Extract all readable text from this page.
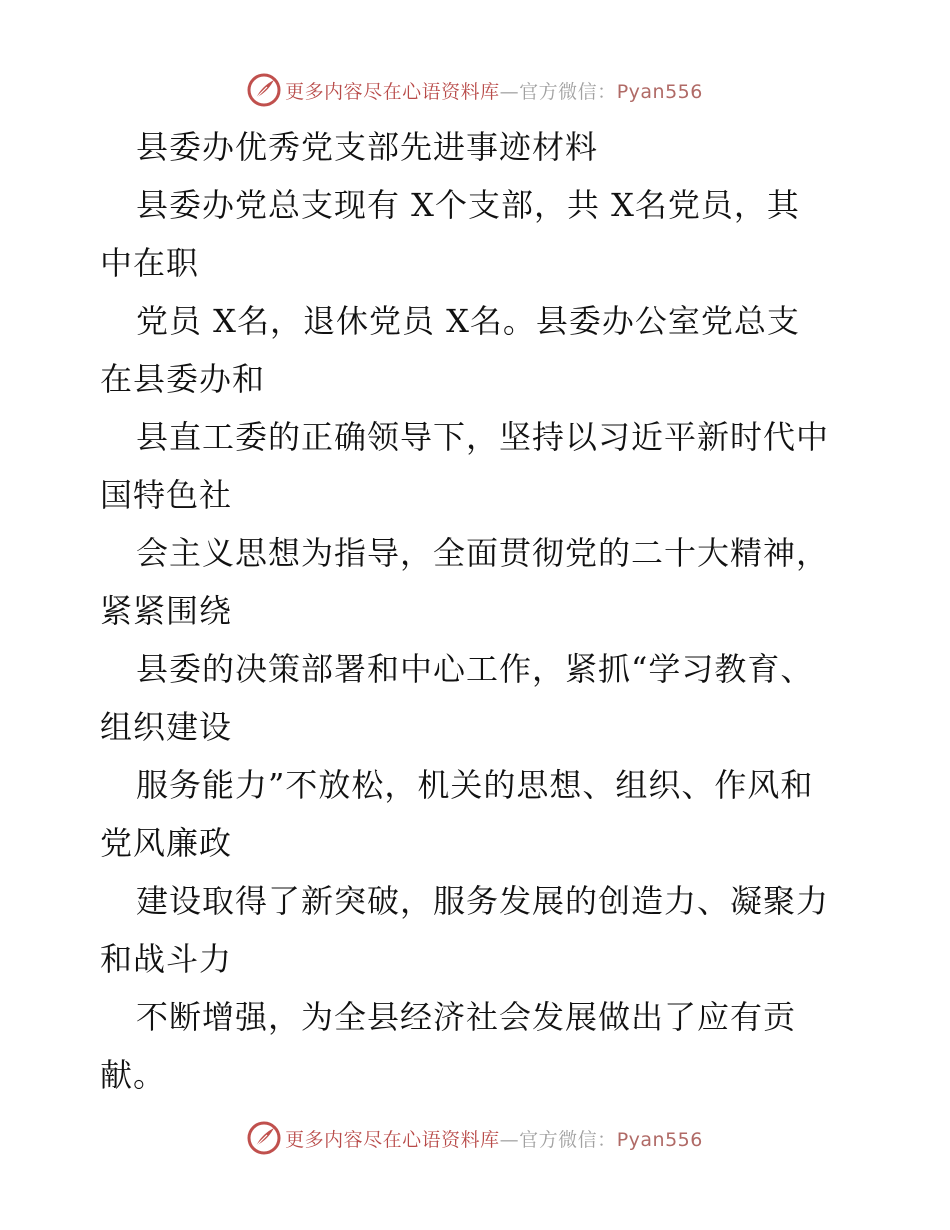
更多内容尽在心语资料库—官方微信：Pyan556
县委办优秀党支部先进事迹材料
县委办党总支现有 X个支部，共 X名党员，其
中在职
党员 X名，退休党员 X名。县委办公室党总支
在县委办和
县直工委的正确领导下，坚持以习近平新时代中
国特色社
会主义思想为指导，全面贯彻党的二十大精神，
紧紧围绕
县委的决策部署和中心工作，紧抓“学习教育、
组织建设
服务能力”不放松，机关的思想、组织、作风和
党风廉政
建设取得了新突破，服务发展的创造力、凝聚力
和战斗力
不断增强，为全县经济社会发展做出了应有贡
献。
更多内容尽在心语资料库—官方微信：Pyan556
